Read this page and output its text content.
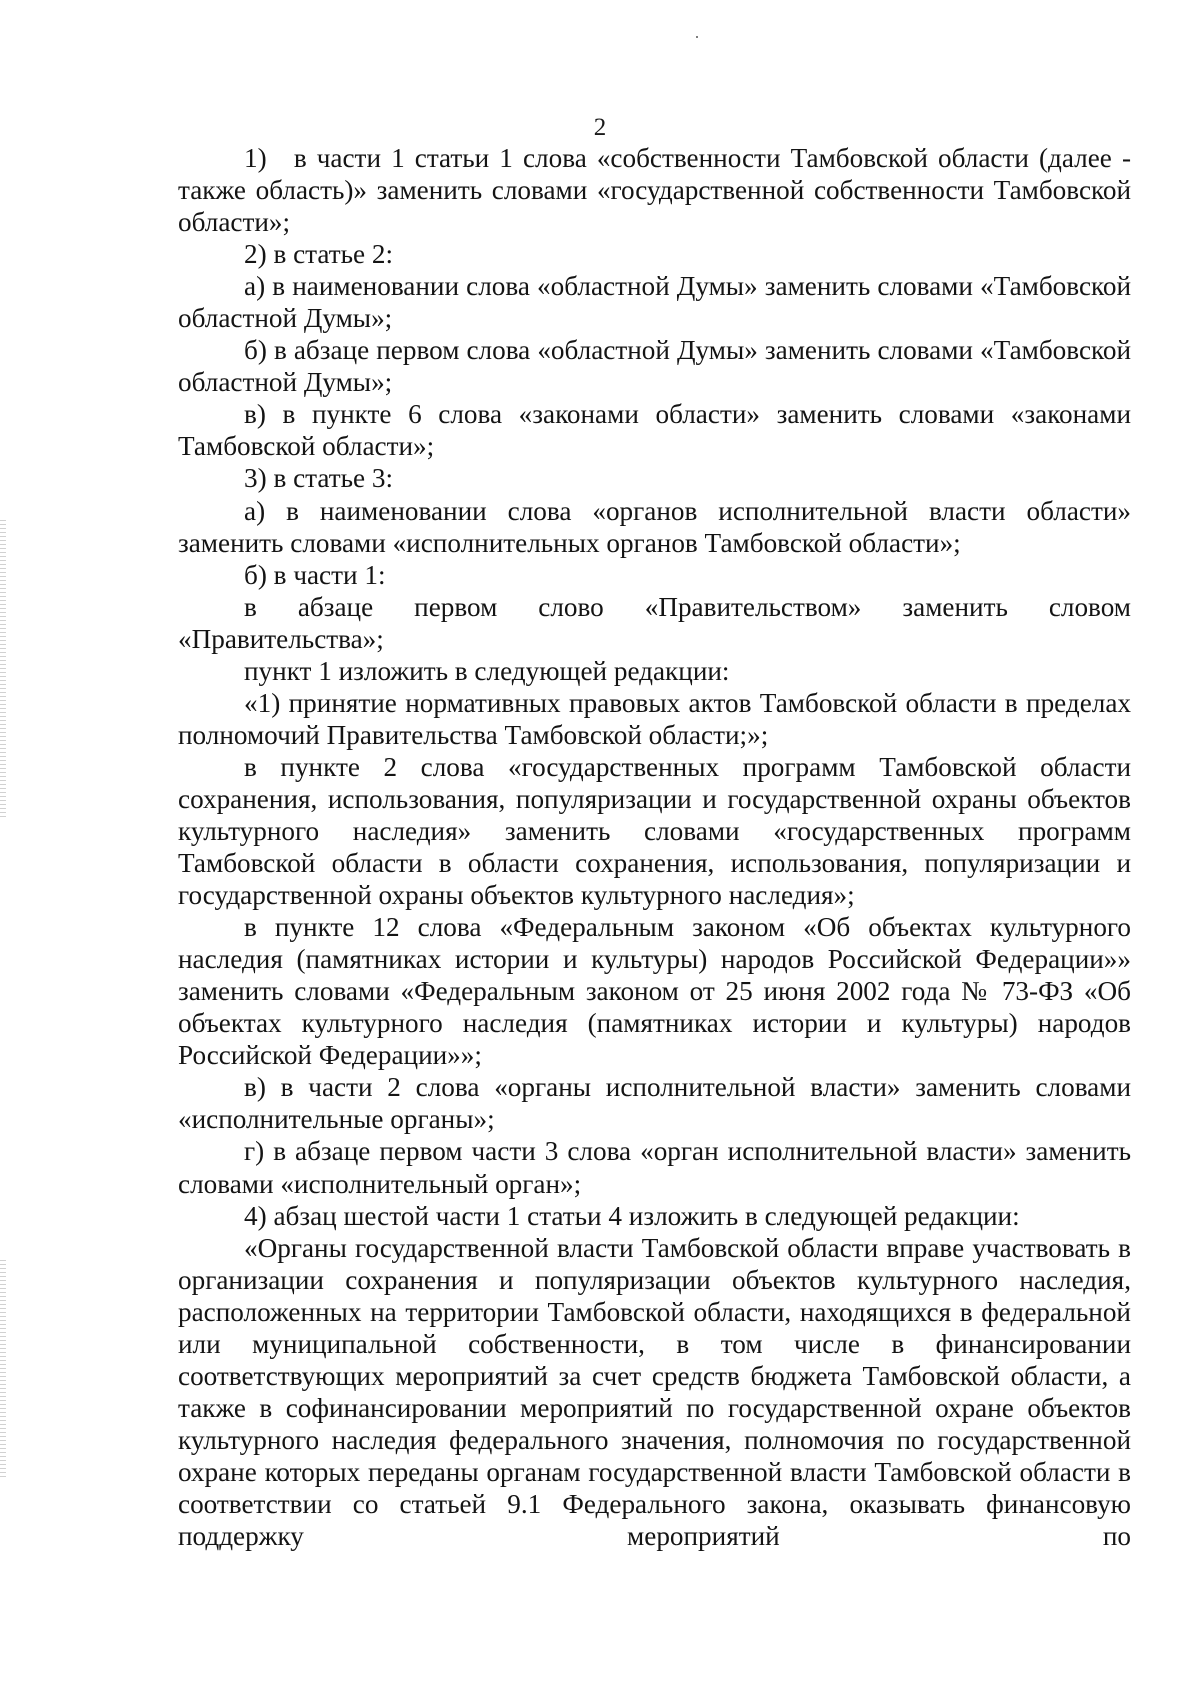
2

1) в части 1 статьи 1 слова «собственности Тамбовской области (далее - также область)» заменить словами «государственной собственности Тамбовской области»;

2) в статье 2:

а) в наименовании слова «областной Думы» заменить словами «Тамбовской областной Думы»;

б) в абзаце первом слова «областной Думы» заменить словами «Тамбовской областной Думы»;

в) в пункте 6 слова «законами области» заменить словами «законами Тамбовской области»;

3) в статье 3:

а) в наименовании слова «органов исполнительной власти области» заменить словами «исполнительных органов Тамбовской области»;

б) в части 1:

в абзаце первом слово «Правительством» заменить словом «Правительства»;

пункт 1 изложить в следующей редакции:

«1) принятие нормативных правовых актов Тамбовской области в пределах полномочий Правительства Тамбовской области;»;

в пункте 2 слова «государственных программ Тамбовской области сохранения, использования, популяризации и государственной охраны объектов культурного наследия» заменить словами «государственных программ Тамбовской области в области сохранения, использования, популяризации и государственной охраны объектов культурного наследия»;

в пункте 12 слова «Федеральным законом «Об объектах культурного наследия (памятниках истории и культуры) народов Российской Федерации»» заменить словами «Федеральным законом от 25 июня 2002 года № 73-ФЗ «Об объектах культурного наследия (памятниках истории и культуры) народов Российской Федерации»»;

в) в части 2 слова «органы исполнительной власти» заменить словами «исполнительные органы»;

г) в абзаце первом части 3 слова «орган исполнительной власти» заменить словами «исполнительный орган»;

4) абзац шестой части 1 статьи 4 изложить в следующей редакции:

«Органы государственной власти Тамбовской области вправе участвовать в организации сохранения и популяризации объектов культурного наследия, расположенных на территории Тамбовской области, находящихся в федеральной или муниципальной собственности, в том числе в финансировании соответствующих мероприятий за счет средств бюджета Тамбовской области, а также в софинансировании мероприятий по государственной охране объектов культурного наследия федерального значения, полномочия по государственной охране которых переданы органам государственной власти Тамбовской области в соответствии со статьей 9.1 Федерального закона, оказывать финансовую поддержку мероприятий по
